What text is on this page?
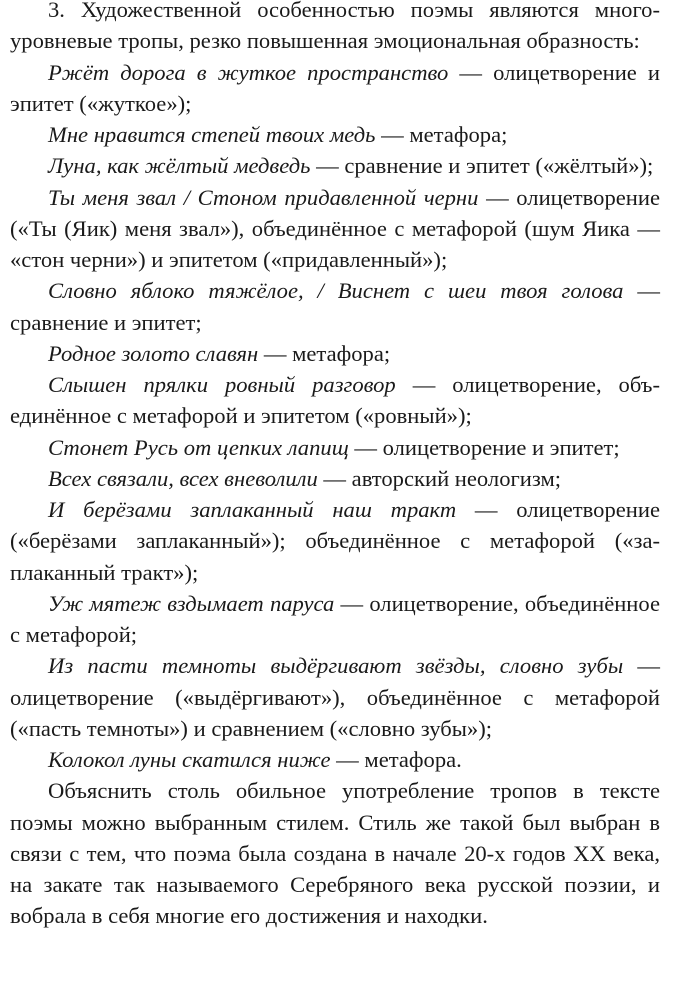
3. Художественной особенностью поэмы являются многоуровневые тропы, резко повышенная эмоциональная образность:

Ржёт дорога в жуткое пространство — олицетворение и эпитет («жуткое»);

Мне нравится степей твоих медь — метафора;

Луна, как жёлтый медведь — сравнение и эпитет («жёлтый»);

Ты меня звал / Стоном придавленной черни — олицетворение («Ты (Яик) меня звал»), объединённое с метафорой (шум Яика — «стон черни») и эпитетом («придавленный»);

Словно яблоко тяжёлое, / Виснет с шеи твоя голова — сравнение и эпитет;

Родное золото славян — метафора;

Слышен прялки ровный разговор — олицетворение, объединённое с метафорой и эпитетом («ровный»);

Стонет Русь от цепких лапищ — олицетворение и эпитет;

Всех связали, всех вневолили — авторский неологизм;

И берёзами заплаканный наш тракт — олицетворение («берёзами заплаканный»); объединённое с метафорой («заплаканный тракт»);

Уж мятеж вздымает паруса — олицетворение, объединённое с метафорой;

Из пасти темноты выдёргивают звёзды, словно зубы — олицетворение («выдёргивают»), объединённое с метафорой («пасть темноты») и сравнением («словно зубы»);

Колокол луны скатился ниже — метафора.

Объяснить столь обильное употребление тропов в тексте поэмы можно выбранным стилем. Стиль же такой был выбран в связи с тем, что поэма была создана в начале 20-х годов XX века, на закате так называемого Серебряного века русской поэзии, и вобрала в себя многие его достижения и находки.
